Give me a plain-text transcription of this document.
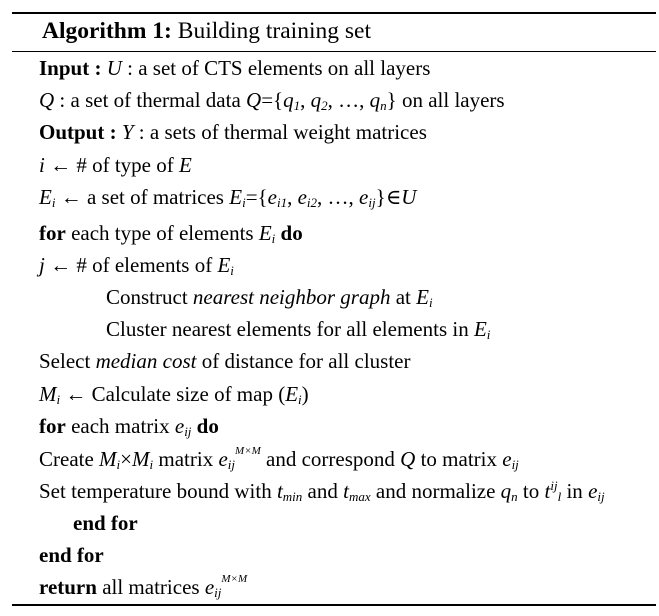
Algorithm 1: Building training set
Input : U : a set of CTS elements on all layers
Q : a set of thermal data $Q=\{q_1$, $q_2$, …, $q_n$} on all layers
Output : Y : a sets of thermal weight matrices
i ← # of type of E
$E_i$ ← a set of matrices $E_i=\{e_{i1}$, $e_{i2}$, …, $e_{ij}\}\in U$
for each type of elements $E_i$ do
j ← # of elements of $E_i$
Construct nearest neighbor graph at $E_i$
Cluster nearest elements for all elements in $E_i$
Select median cost of distance for all cluster
$M_i$ ← Calculate size of map $(E_i)$
for each matrix $e_{ij}$ do
Create $M_i\times M_i$ matrix $e_{ij}^{M\times M}$ and correspond Q to matrix $e_{ij}$
Set temperature bound with $t_{min}$ and $t_{max}$ and normalize $q_n$ to $t^{ij}_l$ in $e_{ij}$
end for
end for
return all matrices $e_{ij}^{M\times M}$
